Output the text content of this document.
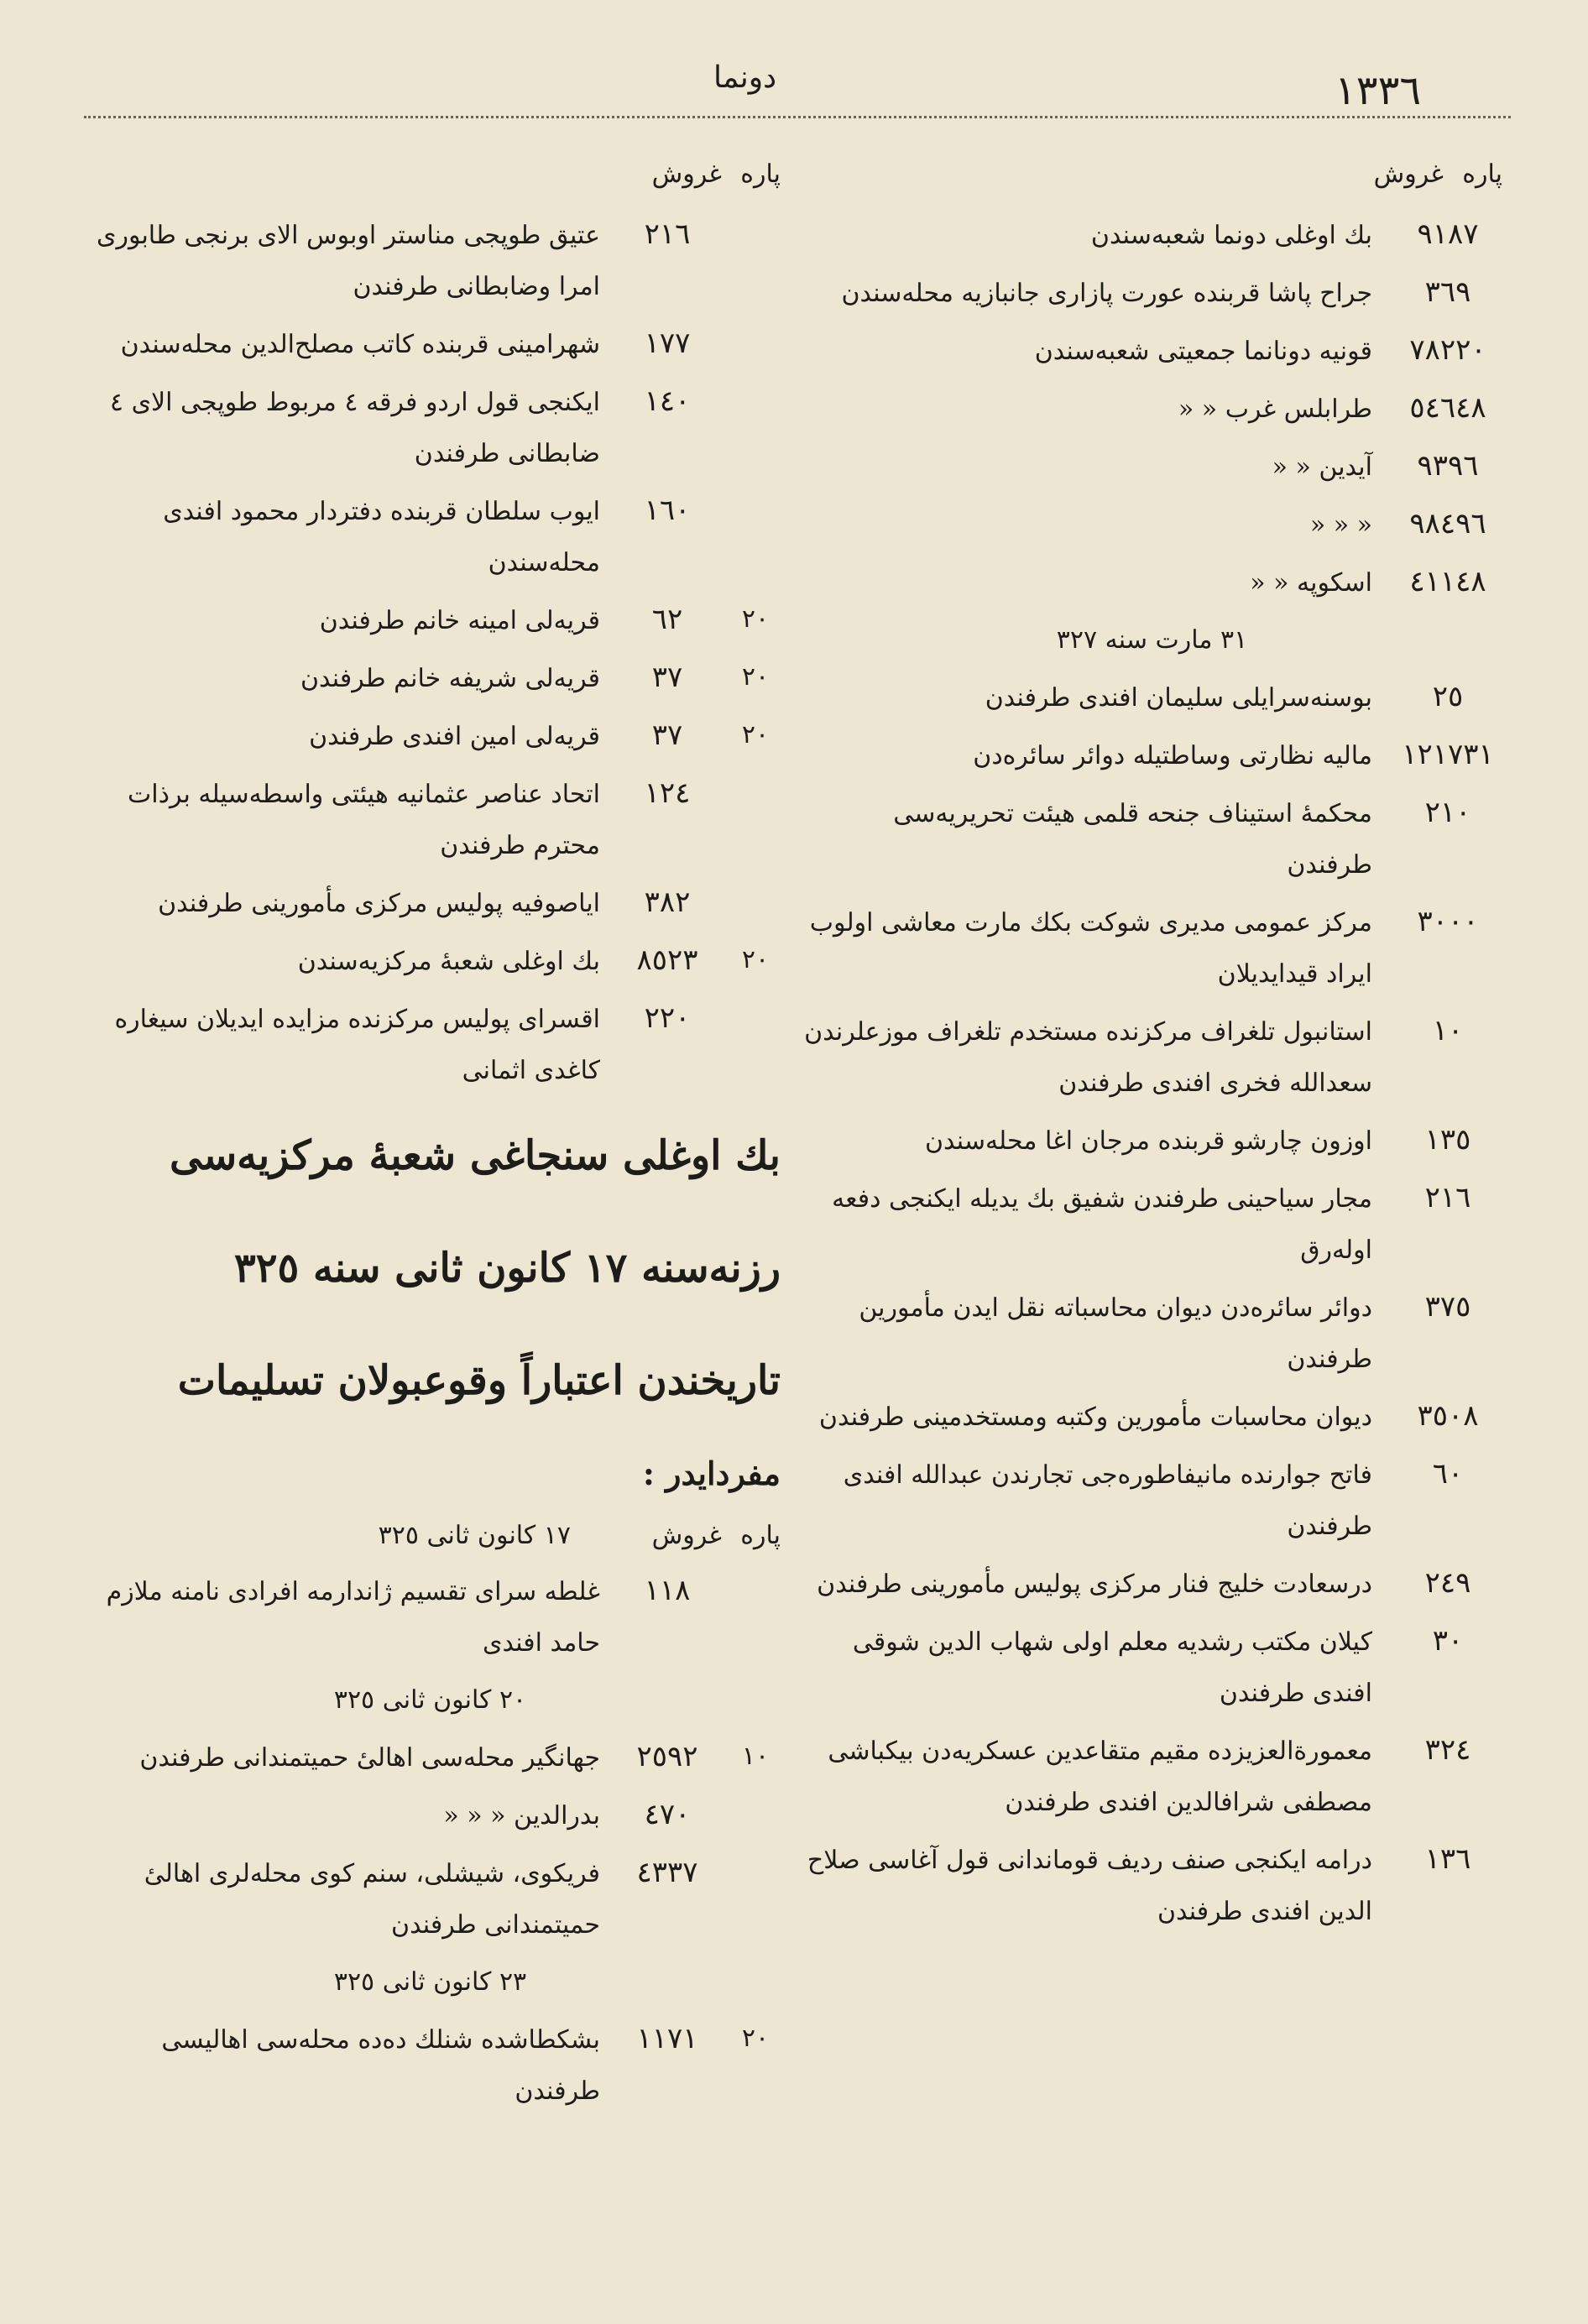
١٣٣٦
دونما
پاره
غروش
٩١٨٧
بك اوغلى دونما شعبه‌سندن
٣٦٩
جراح پاشا قربنده عورت پازاری جانبازیه محله‌سندن
٧٨٢٢٠
قونیه دونانما جمعیتی شعبه‌سندن
٥٤٦٤٨
طرابلس غرب « «
٩٣٩٦
آیدین « «
٩٨٤٩٦
« « «
٤١١٤٨
اسکوپه « «
٣١ مارت سنه ٣٢٧
٢٥
بوسنه‌سرایلی سلیمان افندی طرفندن
١٢١٧٣١
مالیه نظارتی وساطتیله دوائر سائره‌دن
٢١٠
محکمهٔ استیناف جنحه قلمی هیئت تحریریه‌سی طرفندن
٣٠٠٠
مرکز عمومی مدیری شوکت بکك مارت معاشی اولوب ایراد قیدایدیلان
١٠
استانبول تلغراف مرکزنده مستخدم تلغراف موزعلرندن سعدالله فخری افندی طرفندن
١٣٥
اوزون چارشو قربنده مرجان اغا محله‌سندن
٢١٦
مجار سیاحینی طرفندن شفیق بك یدیله ایکنجی دفعه اوله‌رق
٣٧٥
دوائر سائره‌دن دیوان محاسباته نقل ایدن مأمورین طرفندن
٣٥٠٨
دیوان محاسبات مأمورین وکتبه ومستخدمینی طرفندن
٦٠
فاتح جوارنده مانیفاطوره‌جی تجارندن عبدالله افندی طرفندن
٢٤٩
درسعادت خلیج فنار مرکزی پولیس مأمورینی طرفندن
٣٠
کیلان مکتب رشدیه معلم اولی شهاب الدین شوقی افندی طرفندن
٣٢٤
معمورةالعزیزده مقیم متقاعدین عسکریه‌دن بیکباشی مصطفی شرافالدین افندی طرفندن
١٣٦
درامه ایکنجی صنف ردیف قوماندانی قول آغاسی صلاح الدین افندی طرفندن
پاره
غروش
٢١٦
عتیق طوپجی مناستر اوبوس الای برنجی طابوری امرا وضابطانی طرفندن
١٧٧
شهرامینی قربنده کاتب مصلح‌الدین محله‌سندن
١٤٠
ایکنجی قول اردو فرقه ٤ مربوط طوپجی الای ٤ ضابطانی طرفندن
١٦٠
ایوب سلطان قربنده دفتردار محمود افندی محله‌سندن
٦٢	٢٠
قریه‌لی امینه خانم طرفندن
٣٧	٢٠
قریه‌لی شریفه خانم طرفندن
٣٧	٢٠
قریه‌لی امین افندی طرفندن
١٢٤
اتحاد عناصر عثمانیه هیئتی واسطه‌سیله برذات محترم طرفندن
٣٨٢
ایاصوفیه پولیس مرکزی مأمورینی طرفندن
٨٥٢٣	٢٠
بك اوغلی شعبهٔ مرکزیه‌سندن
٢٢٠
اقسرای پولیس مرکزنده مزایده ایدیلان سیغاره کاغدی اثمانی
بك اوغلی سنجاغی شعبهٔ مرکزیه‌سی
رزنه‌سنه ١٧ کانون ثانی سنه ٣٢٥
تاریخندن اعتباراً وقوعبولان تسلیمات
مفردایدر :
پاره
غروش
١٧ کانون ثانی ٣٢٥
١١٨
غلطه سرای تقسیم ژاندارمه افرادی نامنه ملازم حامد افندی
٢٠ کانون ثانی ٣٢٥
٢٥٩٢	١٠
جهانگیر محله‌سی اهالیٔ حمیتمندانی طرفندن
٤٧٠
بدرالدین « « «
٤٣٣٧
فریکوی، شیشلی، سنم کوی محله‌لری اهالیٔ حمیتمندانی طرفندن
٢٣ کانون ثانی ٣٢٥
١١٧١	٢٠
بشکطاشده شنلك ده‌ده محله‌سی اهالیسی طرفندن
